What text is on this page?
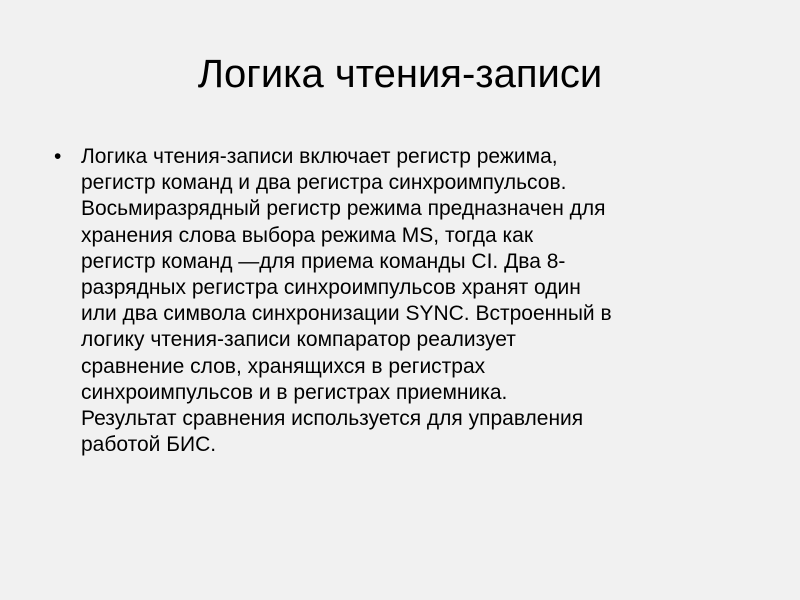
Логика чтения-записи
• Логика чтения-записи включает регистр режима,
регистр команд и два регистра синхроимпульсов.
Восьмиразрядный регистр режима предназначен для
хранения слова выбора режима MS, тогда как
регистр команд —для приема команды CI. Два 8-
разрядных регистра синхроимпульсов хранят один
или два символа синхронизации SYNC. Встроенный в
логику чтения-записи компаратор реализует
сравнение слов, хранящихся в регистрах
синхроимпульсов и в регистрах приемника.
Результат сравнения используется для управления
работой БИС.
